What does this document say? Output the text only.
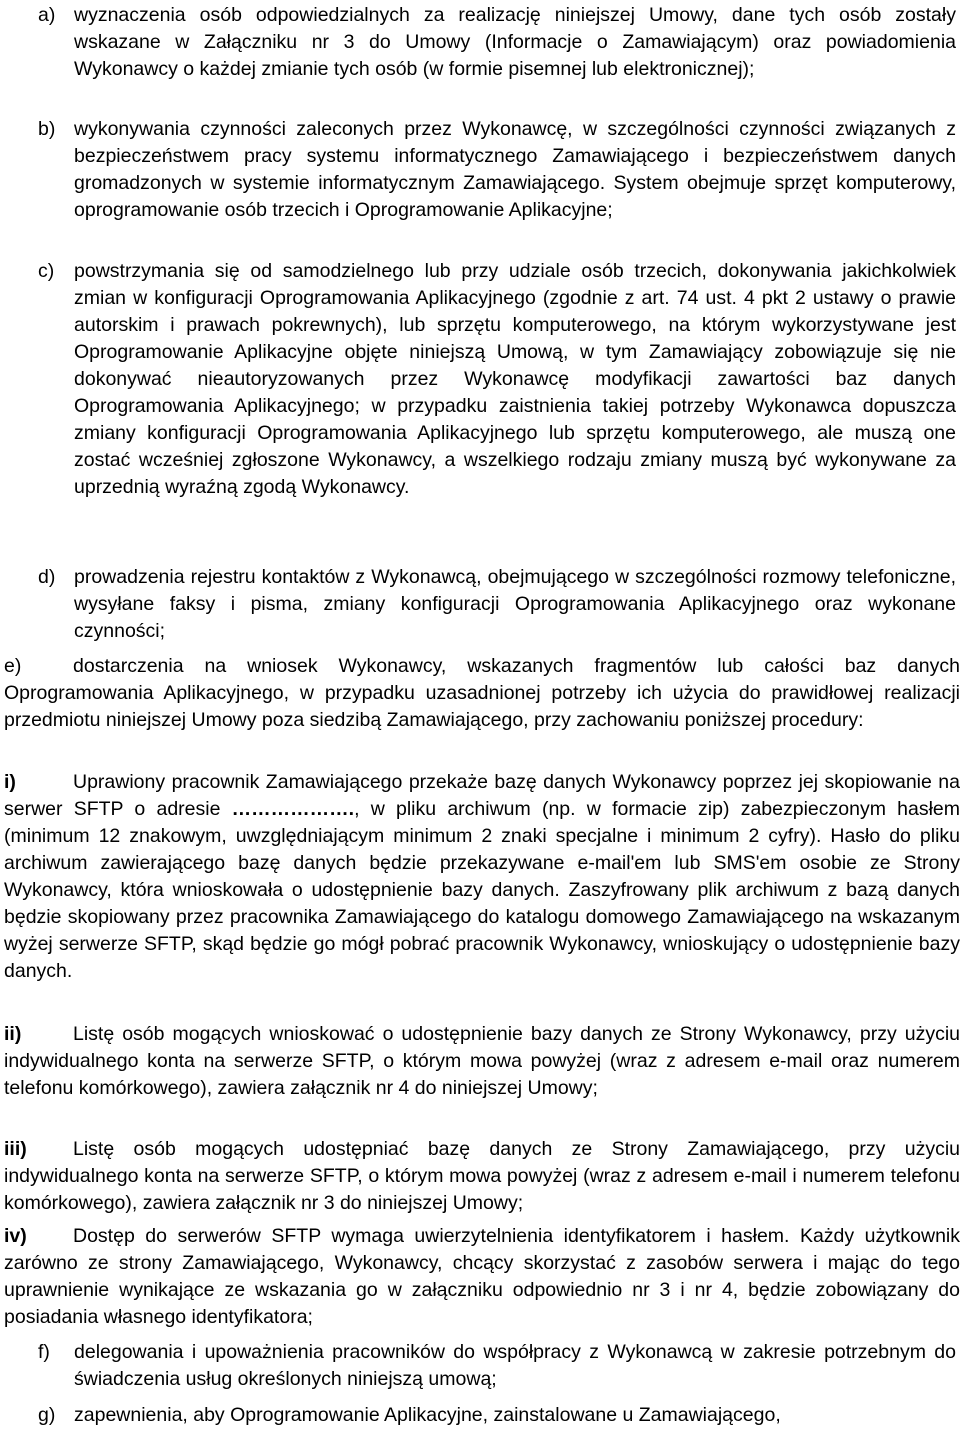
a) wyznaczenia osób odpowiedzialnych za realizację niniejszej Umowy, dane tych osób zostały wskazane w Załączniku nr 3 do Umowy (Informacje o Zamawiającym) oraz powiadomienia Wykonawcy o każdej zmianie tych osób (w formie pisemnej lub elektronicznej);
b) wykonywania czynności zaleconych przez Wykonawcę, w szczególności czynności związanych z bezpieczeństwem pracy systemu informatycznego Zamawiającego i bezpieczeństwem danych gromadzonych w systemie informatycznym Zamawiającego. System obejmuje sprzęt komputerowy, oprogramowanie osób trzecich i Oprogramowanie Aplikacyjne;
c) powstrzymania się od samodzielnego lub przy udziale osób trzecich, dokonywania jakichkolwiek zmian w konfiguracji Oprogramowania Aplikacyjnego (zgodnie z art. 74 ust. 4 pkt 2 ustawy o prawie autorskim i prawach pokrewnych), lub sprzętu komputerowego, na którym wykorzystywane jest Oprogramowanie Aplikacyjne objęte niniejszą Umową, w tym Zamawiający zobowiązuje się nie dokonywać nieautoryzowanych przez Wykonawcę modyfikacji zawartości baz danych Oprogramowania Aplikacyjnego; w przypadku zaistnienia takiej potrzeby Wykonawca dopuszcza zmiany konfiguracji Oprogramowania Aplikacyjnego lub sprzętu komputerowego, ale muszą one zostać wcześniej zgłoszone Wykonawcy, a wszelkiego rodzaju zmiany muszą być wykonywane za uprzednią wyraźną zgodą Wykonawcy.
d) prowadzenia rejestru kontaktów z Wykonawcą, obejmującego w szczególności rozmowy telefoniczne, wysyłane faksy i pisma, zmiany konfiguracji Oprogramowania Aplikacyjnego oraz wykonane czynności;
e)	dostarczenia na wniosek Wykonawcy, wskazanych fragmentów lub całości baz danych Oprogramowania Aplikacyjnego, w przypadku uzasadnionej potrzeby ich użycia do prawidłowej realizacji przedmiotu niniejszej Umowy poza siedzibą Zamawiającego, przy zachowaniu poniższej procedury:
i)	Uprawiony pracownik Zamawiającego przekaże bazę danych Wykonawcy poprzez jej skopiowanie na serwer SFTP o adresie ………………., w pliku archiwum (np. w formacie zip) zabezpieczonym hasłem (minimum 12 znakowym, uwzględniającym minimum 2 znaki specjalne i minimum 2 cyfry). Hasło do pliku archiwum zawierającego bazę danych będzie przekazywane e-mail'em lub SMS'em osobie ze Strony Wykonawcy, która wnioskowała o udostępnienie bazy danych. Zaszyfrowany plik archiwum z bazą danych będzie skopiowany przez pracownika Zamawiającego do katalogu domowego Zamawiającego na wskazanym wyżej serwerze SFTP, skąd będzie go mógł pobrać pracownik Wykonawcy, wnioskujący o udostępnienie bazy danych.
ii)	Listę osób mogących wnioskować o udostępnienie bazy danych ze Strony Wykonawcy, przy użyciu indywidualnego konta na serwerze SFTP, o którym mowa powyżej (wraz z adresem e-mail oraz numerem telefonu komórkowego), zawiera załącznik nr 4 do niniejszej Umowy;
iii) Listę osób mogących udostępniać bazę danych ze Strony Zamawiającego, przy użyciu indywidualnego konta na serwerze SFTP, o którym mowa powyżej (wraz z adresem e-mail i numerem telefonu komórkowego), zawiera załącznik nr 3 do niniejszej Umowy;
iv) Dostęp do serwerów SFTP wymaga uwierzytelnienia identyfikatorem i hasłem. Każdy użytkownik zarówno ze strony Zamawiającego, Wykonawcy, chcący skorzystać z zasobów serwera i mając do tego uprawnienie wynikające ze wskazania go w załączniku odpowiednio nr 3 i nr 4, będzie zobowiązany do posiadania własnego identyfikatora;
f) delegowania i upoważnienia pracowników do współpracy z Wykonawcą w zakresie potrzebnym do świadczenia usług określonych niniejszą umową;
g) zapewnienia, aby Oprogramowanie Aplikacyjne, zainstalowane u Zamawiającego,
